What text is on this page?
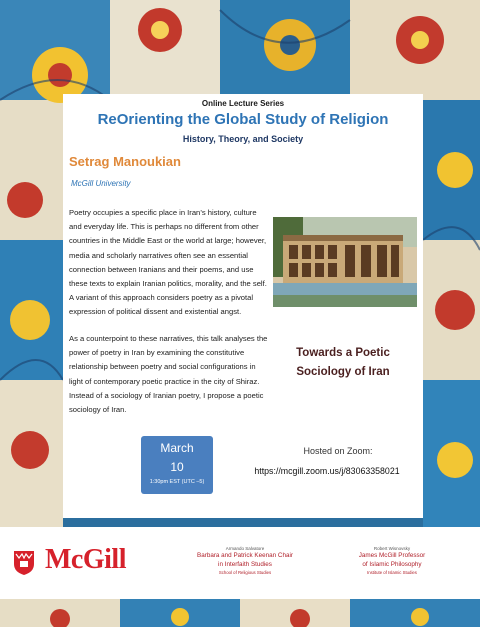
Online Lecture Series
ReOrienting the Global Study of Religion
History, Theory, and Society
Setrag Manoukian
McGill University
Poetry occupies a specific place in Iran’s history, culture and everyday life. This is perhaps no different from other countries in the Middle East or the world at large; however, media and scholarly narratives often see an essential connection between Iranians and their poems, and use these texts to explain Iranian politics, morality, and the self. A variant of this approach considers poetry as a pivotal expression of political dissent and existential angst.
As a counterpoint to these narratives, this talk analyses the power of poetry in Iran by examining the constitutive relationship between poetry and social configurations in light of contemporary poetic practice in the city of Shiraz. Instead of a sociology of Iranian poetry, I propose a poetic sociology of Iran.
Towards a Poetic
Sociology of Iran
March
10
1:30pm EST (UTC –5)
Hosted on Zoom:
https://mcgill.zoom.us/j/83063358021
McGill	Armando Salvatore
Barbara and Patrick Keenan Chair
in Interfaith Studies
School of Religious Studies
Robert Wisnovsky
James McGill Professor
of Islamic Philosophy
Institute of Islamic Studies
